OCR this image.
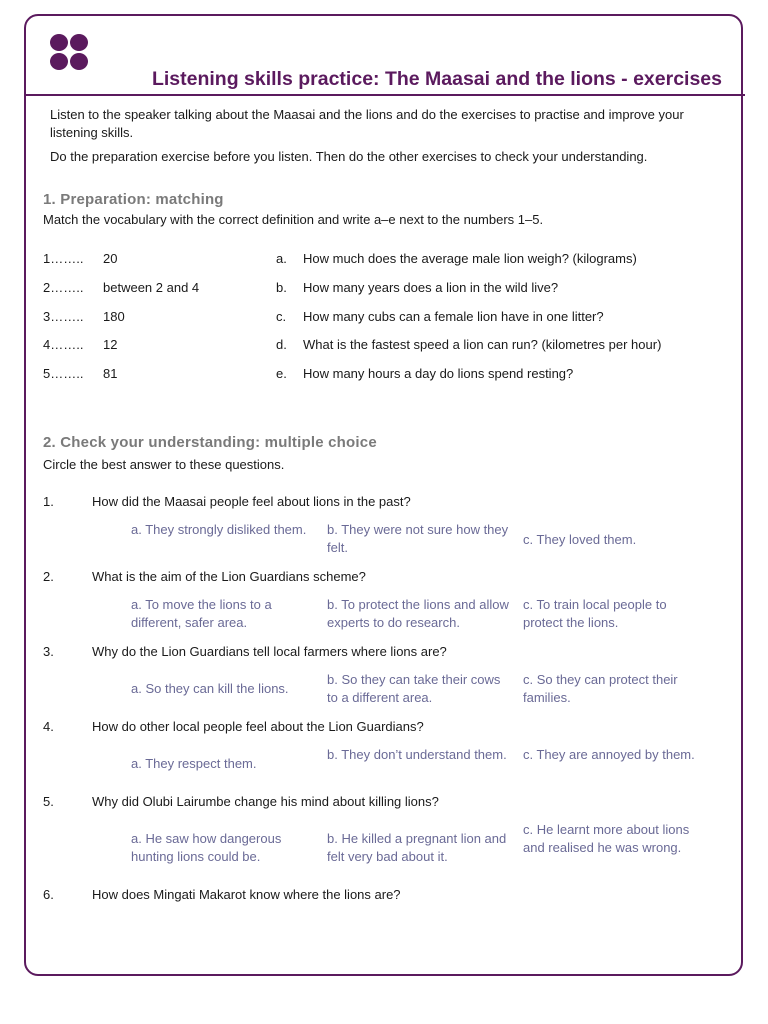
Listening skills practice: The Maasai and the lions - exercises
Listen to the speaker talking about the Maasai and the lions and do the exercises to practise and improve your listening skills.
Do the preparation exercise before you listen. Then do the other exercises to check your understanding.
1. Preparation: matching
Match the vocabulary with the correct definition and write a–e next to the numbers 1–5.
1…….. 20	a. How much does the average male lion weigh? (kilograms)
2…….. between 2 and 4	b. How many years does a lion in the wild live?
3…….. 180	c. How many cubs can a female lion have in one litter?
4…….. 12	d. What is the fastest speed a lion can run? (kilometres per hour)
5…….. 81	e. How many hours a day do lions spend resting?
2. Check your understanding: multiple choice
Circle the best answer to these questions.
1.	How did the Maasai people feel about lions in the past?
a. They strongly disliked them.	b. They were not sure how they felt.
c. They loved them.
2.	What is the aim of the Lion Guardians scheme?
a. To move the lions to a different, safer area.
b. To protect the lions and allow experts to do research.
c. To train local people to protect the lions.
3.	Why do the Lion Guardians tell local farmers where lions are?
a. So they can kill the lions.
b. So they can take their cows to a different area.
c. So they can protect their families.
4.	How do other local people feel about the Lion Guardians?
a. They respect them.
b. They don’t understand them. c. They are annoyed by them.
5.	Why did Olubi Lairumbe change his mind about killing lions?
a. He saw how dangerous hunting lions could be.
b. He killed a pregnant lion and felt very bad about it.
c. He learnt more about lions and realised he was wrong.
6.	How does Mingati Makarot know where the lions are?
